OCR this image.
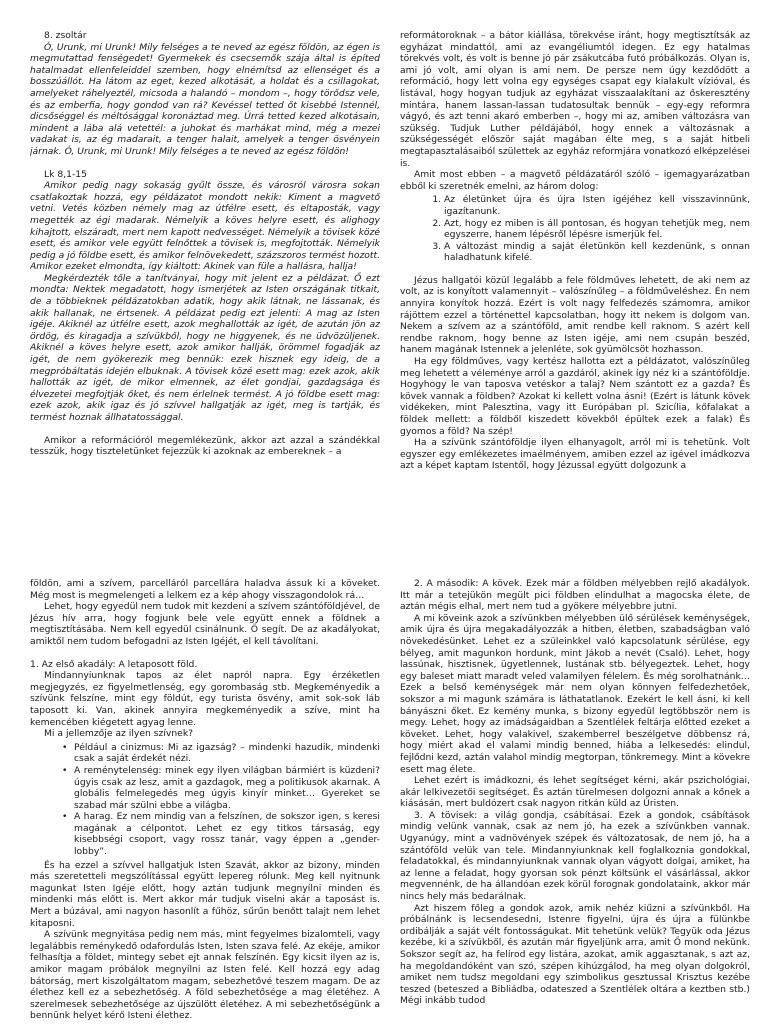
8. zsoltár

Ó, Urunk, mi Urunk! Mily felséges a te neved az egész földön, az égen is megmutattad fenségedet! Gyermekek és csecsemők szája által is építed hatalmadat ellenfeleiddel szemben, hogy elnémítsd az ellenséget és a bosszúállót. Ha látom az eget, kezed alkotását, a holdat és a csillagokat, amelyeket ráhelyeztél, micsoda a halandó – mondom –, hogy törődsz vele, és az emberfia, hogy gondod van rá? Kevéssel tetted őt kisebbé Istennél, dicsőséggel és méltósággal koronáztad meg. Úrrá tetted kezed alkotásain, mindent a lába alá vetettél: a juhokat és marhákat mind, még a mezei vadakat is, az ég madarait, a tenger halait, amelyek a tenger ösvényein járnak. Ó, Urunk, mi Urunk! Mily felséges a te neved az egész földön!

Lk 8,1-15

Amikor pedig nagy sokaság gyűlt össze, és városról városra sokan csatlakoztak hozzá, egy példázatot mondott nekik: Kiment a magvető vetni. Vetés közben némely mag az útfélre esett, és eltaposták, vagy megették az égi madarak. Némelyik a köves helyre esett, és alighogy kihajtott, elszáradt, mert nem kapott nedvességet. Némelyik a tövisek közé esett, és amikor vele együtt felnőttek a tövisek is, megfojtották. Némelyik pedig a jó földbe esett, és amikor felnövekedett, százszoros termést hozott. Amikor ezeket elmondta, így kiáltott: Akinek van füle a hallásra, hallja!

Megkérdezték tőle a tanítványai, hogy mit jelent ez a példázat. Ő ezt mondta: Nektek megadatott, hogy ismerjétek az Isten országának titkait, de a többieknek példázatokban adatik, hogy akik látnak, ne lássanak, és akik hallanak, ne értsenek. A példázat pedig ezt jelenti: A mag az Isten igéje. Akiknél az útfélre esett, azok meghallották az igét, de azután jön az ördög, és kiragadja a szívükből, hogy ne higgyenek, és ne üdvözüljenek. Akiknél a köves helyre esett, azok amikor hallják, örömmel fogadják az igét, de nem gyökerezik meg bennük: ezek hisznek egy ideig, de a megpróbáltatás idején elbuknak. A tövisek közé esett mag: ezek azok, akik hallották az igét, de mikor elmennek, az élet gondjai, gazdagsága és élvezetei megfojtják őket, és nem érlelnek termést. A jó földbe esett mag: ezek azok, akik igaz és jó szívvel hallgatják az igét, meg is tartják, és termést hoznak állhatatossággal.

Amikor a reformációról megemlékezünk, akkor azt azzal a szándékkal tesszük, hogy tiszteletünket fejezzük ki azoknak az embereknek – a

reformátoroknak – a bátor kiállása, törekvése iránt, hogy megtisztítsák az egyházat mindattól, ami az evangéliumtól idegen. Ez egy hatalmas törekvés volt, és volt is benne jó pár zsákutcába futó próbálkozás. Olyan is, ami jó volt, ami olyan is ami nem. De persze nem úgy kezdődött a reformáció, hogy lett volna egy egységes csapat egy kialakult vízióval, és listával, hogy hogyan tudjuk az egyházat visszaalakítani az őskeresztény mintára, hanem lassan-lassan tudatosultak bennük – egy-egy reformra vágyó, és azt tenni akaró emberben –, hogy mi az, amiben változásra van szükség. Tudjuk Luther példájából, hogy ennek a változásnak a szükségességét először saját magában élte meg, s a saját hitbeli megtapasztalásaiból születtek az egyház reformjára vonatkozó elképzelései is.

Amit most ebben – a magvető példázatáról szóló – igemagyarázatban ebből ki szeretnék emelni, az három dolog:

1. Az életünket újra és újra Isten igéjéhez kell visszavinnünk, igazítanunk.
2. Azt, hogy ez miben is áll pontosan, és hogyan tehetjük meg, nem egyszerre, hanem lépésről lépésre ismerjük fel.
3. A változást mindig a saját életünkön kell kezdenünk, s onnan haladhatunk kifelé.

Jézus hallgatói közül legalább a fele földműves lehetett, de aki nem az volt, az is konyított valamennyit – valószínűleg – a földműveléshez. Én nem annyira konyítok hozzá. Ezért is volt nagy felfedezés számomra, amikor rájöttem ezzel a történettel kapcsolatban, hogy itt nekem is dolgom van. Nekem a szívem az a szántóföld, amit rendbe kell raknom. S azért kell rendbe raknom, hogy benne az Isten igéje, ami nem csupán beszéd, hanem magának Istennek a jelenléte, sok gyümölcsöt hozhasson.

Ha egy földműves, vagy kertész hallotta ezt a példázatot, valószínűleg meg lehetett a véleménye arról a gazdáról, akinek így néz ki a szántóföldje. Hogyhogy le van taposva vetéskor a talaj? Nem szántott ez a gazda? És kövek vannak a földben? Azokat ki kellett volna ásni! (Ezért is látunk kövek vidékeken, mint Palesztina, vagy itt Európában pl. Szicília, kőfalakat a földek mellett: a földből kiszedett kövekből épültek ezek a falak) És gyomos a föld? Na szép!

Ha a szívünk szántóföldje ilyen elhanyagolt, arról mi is tehetünk. Volt egyszer egy emlékezetes imaélményem, amiben ezzel az igével imádkozva azt a képet kaptam Istentől, hogy Jézussal együtt dolgozunk a

földön, ami a szívem, parcelláról parcellára haladva ássuk ki a köveket. Még most is megmelengeti a lelkem ez a kép ahogy visszagondolok rá…

Lehet, hogy egyedül nem tudok mit kezdeni a szívem szántóföldjével, de Jézus hív arra, hogy fogjunk bele vele együtt ennek a földnek a megtisztításába. Nem kell egyedül csinálnunk. Ő segít. De az akadályokat, amiktől nem tudom befogadni az Isten Igéjét, el kell távolítani.

1. Az első akadály: A letaposott föld.

Mindannyiunknak tapos az élet napról napra. Egy érzéketlen megjegyzés, ez figyelmetlenség, egy gorombaság stb. Megkeményedik a szívünk felszíne, mint egy földút, egy turista ösvény, amit sok-sok láb taposott ki. Van, akinek annyira megkeményedik a szíve, mint ha kemencében kiégetett agyag lenne.

Mi a jellemzője az ilyen szívnek?

• Például a cinizmus: Mi az igazság? – mindenki hazudik, mindenki csak a saját érdekét nézi.
• A reménytelenség: minek egy ilyen világban bármiért is küzdeni? úgyis csak az lesz, amit a gazdagok, meg a politikusok akarnak. A globális felmelegedés meg úgyis kinyír minket… Gyereket se szabad már szülni ebbe a világba.
• A harag. Ez nem mindig van a felszínen, de sokszor igen, s keresi magának a célpontot. Lehet ez egy titkos társaság, egy kisebbségi csoport, vagy rossz tanár, vagy éppen a „gender-lobby”.

És ha ezzel a szívvel hallgatjuk Isten Szavát, akkor az bizony, minden más szeretetteli megszólítással együtt lepereg rólunk. Meg kell nyitnunk magunkat Isten Igéje előtt, hogy aztán tudjunk megnyílni minden és mindenki más előtt is. Mert akkor már tudjuk viselni akár a taposást is. Mert a búzával, ami nagyon hasonlít a fűhöz, sűrűn benőtt talajt nem lehet kitaposni.

A szívünk megnyitása pedig nem más, mint fegyelmes bizalomteli, vagy legalábbis reménykedő odafordulás Isten, Isten szava felé. Az ekéje, amikor felhasítja a földet, mintegy sebet ejt annak felszínén. Egy kicsit ilyen az is, amikor magam próbálok megnyílni az Isten felé. Kell hozzá egy adag bátorság, mert kiszolgáltatom magam, sebezhetővé teszem magam. De az élethez kell ez a sebezhetőség. A föld sebezhetősége a mag életéhez. A szerelmesek sebezhetősége az újszülött életéhez. A mi sebezhetőségünk a bennünk helyet kérő Isteni élethez.

2. A második: A kövek. Ezek már a földben mélyebben rejlő akadályok. Itt már a tetejükön megült pici földben elindulhat a magocska élete, de aztán mégis elhal, mert nem tud a gyökere mélyebbre jutni.

A mi köveink azok a szívünkben mélyebben ülő sérülések keménységek, amik újra és újra megakadályozzák a hitben, életben, szabadságban való növekedésünket. Lehet ez a szüleinkkel való kapcsolatunk sérülése, egy bélyeg, amit magunkon hordunk, mint Jákob a nevét (Csaló). Lehet, hogy lassúnak, hisztisnek, ügyetlennek, lustának stb. bélyegeztek. Lehet, hogy egy baleset miatt maradt veled valamilyen félelem. És még sorolhatnánk… Ezek a belső keménységek már nem olyan könnyen felfedezhetőek, sokszor a mi magunk számára is láthatatlanok. Ezekért le kell ásni, ki kell bányászni őket. Ez kemény munka, s bizony egyedül legtöbbször nem is megy. Lehet, hogy az imádságaidban a Szentlélek feltárja előtted ezeket a köveket. Lehet, hogy valakivel, szakemberrel beszélgetve döbbensz rá, hogy miért akad el valami mindig benned, hiába a lelkesedés: elindul, fejlődni kezd, aztán valahol mindig megtorpan, tönkremegy. Mint a kövekre esett mag élete.

Lehet ezért is imádkozni, és lehet segítséget kérni, akár pszichológiai, akár lelkivezetői segítséget. És aztán türelmesen dolgozni annak a kőnek a kiásásán, mert buldózert csak nagyon ritkán küld az Úristen.

3. A tövisek: a világ gondja, csábításai. Ezek a gondok, csábítások mindig velünk vannak, csak az nem jó, ha ezek a szívünkben vannak. Ugyanúgy, mint a vadnövények szépek és változatosak, de nem jó, ha a szántóföld velük van tele. Mindannyiunknak kell foglalkoznia gondokkal, feladatokkal, és mindannyiunknak vannak olyan vágyott dolgai, amiket, ha az lenne a feladat, hogy gyorsan sok pénzt költsünk el vásárlással, akkor megvennénk, de ha állandóan ezek körül forognak gondolataink, akkor már nincs hely más bedarálnak.

Azt hiszem főleg a gondok azok, amik nehéz kiűzni a szívünkből. Ha próbálnánk is lecsendesedni, Istenre figyelni, újra és újra a fülünkbe ordibálják a saját vélt fontosságukat. Mit tehetünk velük? Tegyük oda Jézus kezébe, ki a szívükből, és azután már figyeljünk arra, amit Ő mond nekünk. Sokszor segít az, ha felírod egy listára, azokat, amik aggasztanak, s azt az, ha megoldandóként van szó, szépen kihúzgálod, ha meg olyan dolgokról, amiket nem tudsz megoldani egy szimbolikus gesztussal Krisztus kezébe teszed (beteszed a Bibliádba, odateszed a Szentlélek oltára a keztben stb.) Mégi inkább tudod
